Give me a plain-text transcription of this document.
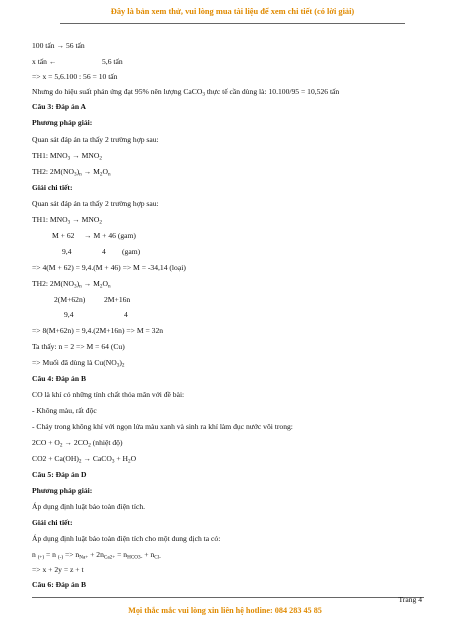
Đây là bản xem thử, vui lòng mua tài liệu để xem chi tiết (có lời giải)
100 tấn → 56 tấn
x tấn ←	5,6 tấn
=> x = 5,6.100 : 56 = 10 tấn
Nhưng do hiệu suất phản ứng đạt 95% nên lượng CaCO$_3$ thực tế cần dùng là: 10.100/95 = 10,526 tấn
Câu 3: Đáp án A
Phương pháp giải:
Quan sát đáp án ta thấy 2 trường hợp sau:
TH1: $MNO_3 \to MNO_2$
TH2: $2M(NO_3)_n \to M_2O_n$
Giải chi tiết:
Quan sát đáp án ta thấy 2 trường hợp sau:
TH1: $MNO_3 \to MNO_2$
M + 62 → M + 46 (gam)
9,4	4 (gam)
=> 4(M + 62) = 9,4.(M + 46) => M = -34,14 (loại)
TH2: $2M(NO_3)_n \to M_2O_n$
2(M+62n) 2M+16n
9,4	4
=> 8(M+62n) = 9,4.(2M+16n) => M = 32n
Ta thấy: n = 2 => M = 64 (Cu)
=> Muối đã dùng là $Cu(NO_3)_2$
Câu 4: Đáp án B
CO là khí có những tính chất thỏa mãn với đề bài:
- Không màu, rất độc
- Cháy trong không khí với ngọn lửa màu xanh và sinh ra khí làm đục nước vôi trong:
$2CO + O_2 \to 2CO_2$ (nhiệt độ)
$CO2 + Ca(OH)_2$ → CaCO$_3$ + $H_2O$
Câu 5: Đáp án D
Phương pháp giải:
Áp dụng định luật bảo toàn điện tích.
Giải chi tiết:
Áp dụng định luật bảo toàn điện tích cho một dung dịch ta có:
n $_{(+)}$ = n $_{(-)} => n_{Na+} + 2n_{Ca2+} = n_{HCO3-} + n_{Cl-}$
=> x + 2y = z + t
Câu 6: Đáp án B
Trang 4
Mọi thắc mắc vui lòng xin liên hệ hotline: 084 283 45 85
